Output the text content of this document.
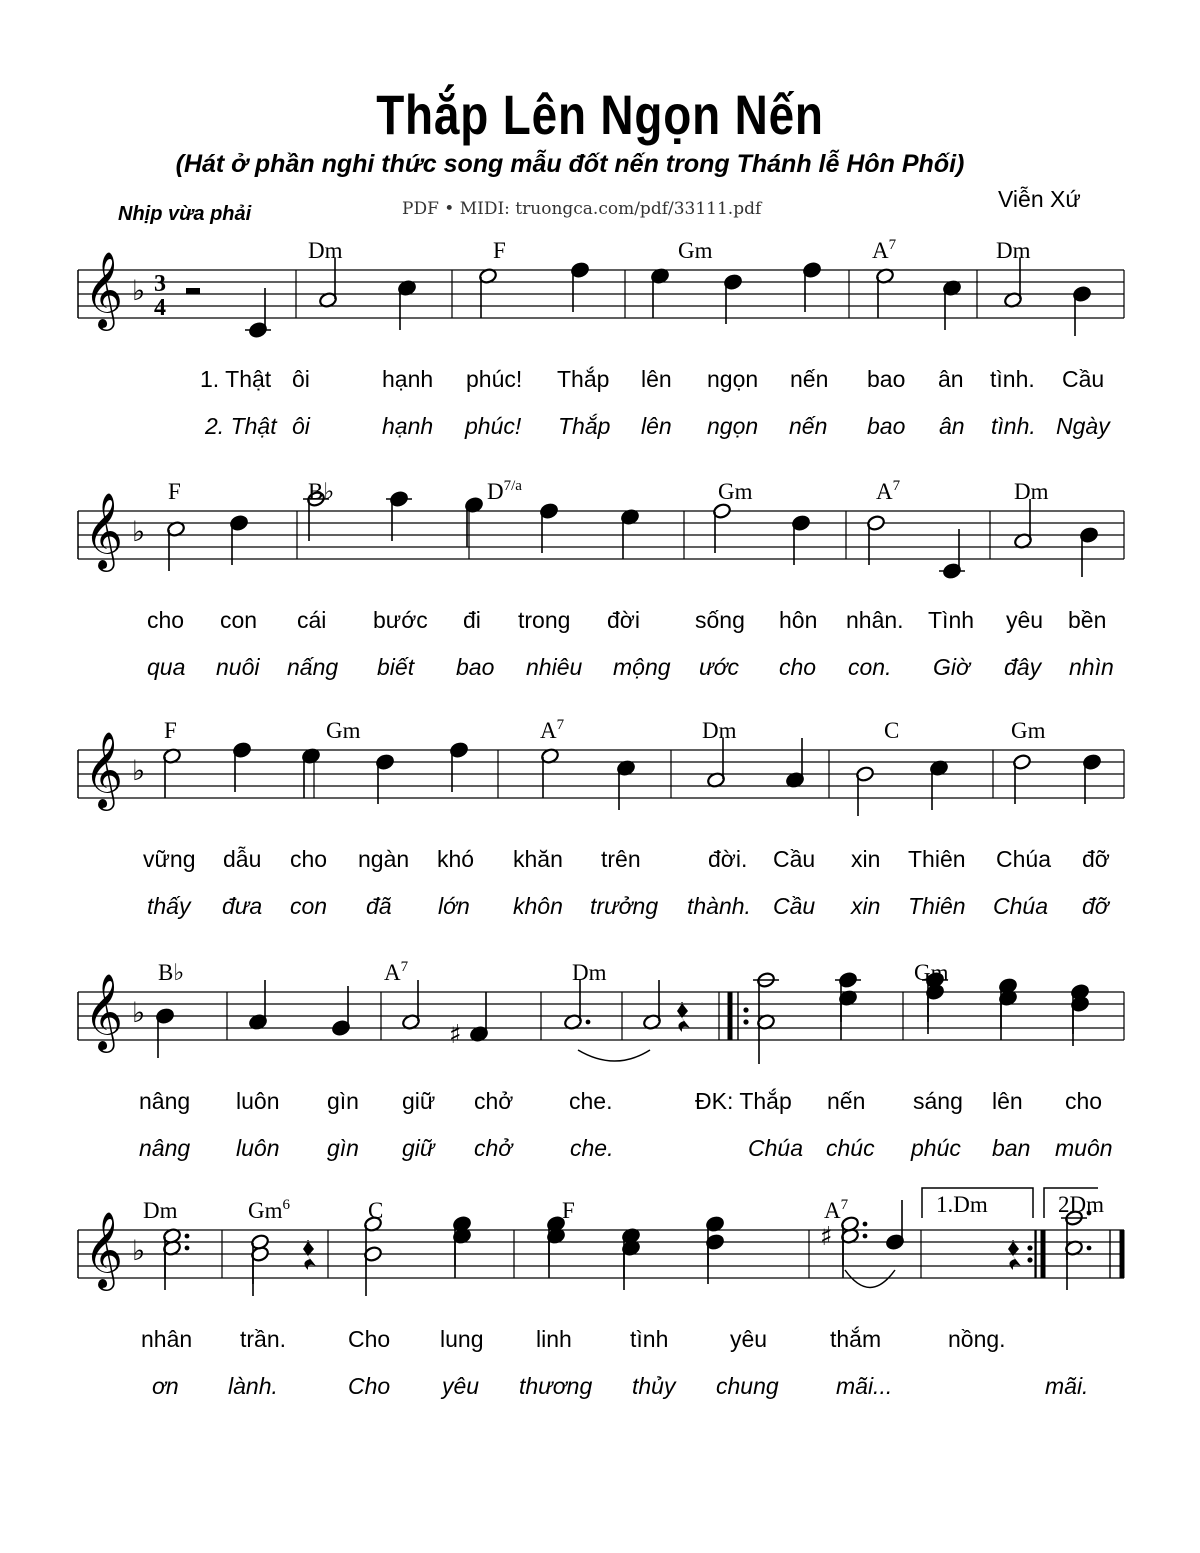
Thắp Lên Ngọn Nến
(Hát ở phần nghi thức song mẫu đốt nến trong Thánh lễ Hôn Phối)
Nhịp vừa phải	PDF • MIDI: truongca.com/pdf/33111.pdf	Viễn Xứ
𝄞 ♭ 3
4
Dm	F	Gm	$A^7$	Dm
1. Thật ôi	hạnh phúc! Thắp lên ngọn nến bao ân tình. Cầu
2. Thật ôi	hạnh phúc! Thắp lên ngọn nến bao ân tình. Ngày
𝄞 ♭
F	B♭	$D^{7/a}$	Gm	$A^7$	Dm
cho con cái bước đi trong đời sống hôn nhân. Tình yêu bền
qua nuôi nấng biết bao nhiêu mộng ước cho con. Giờ đây nhìn
𝄞 ♭
F	Gm	$A^7$	Dm	C	Gm
vững dẫu cho ngàn khó khăn trên	đời. Cầu xin Thiên Chúa đỡ
thấy đưa con đã lớn khôn trưởng thành. Cầu xin Thiên Chúa đỡ
𝄞 ♭
♯
B♭	$A^7$	Dm	Gm
nâng luôn gìn giữ chở che.	ĐK: Thắp nến sáng lên cho
nâng luôn gìn giữ chở	che.	Chúa chúc phúc ban muôn
𝄞 ♭	♯
1.Dm	2Dm
Dm	Gm$^6$	C	F	$A^7$
nhân trần.	Cho lung linh	tình	yêu	thắm	nồng.
ơn lành.	Cho yêu thương thủy chung mãi...	mãi.
